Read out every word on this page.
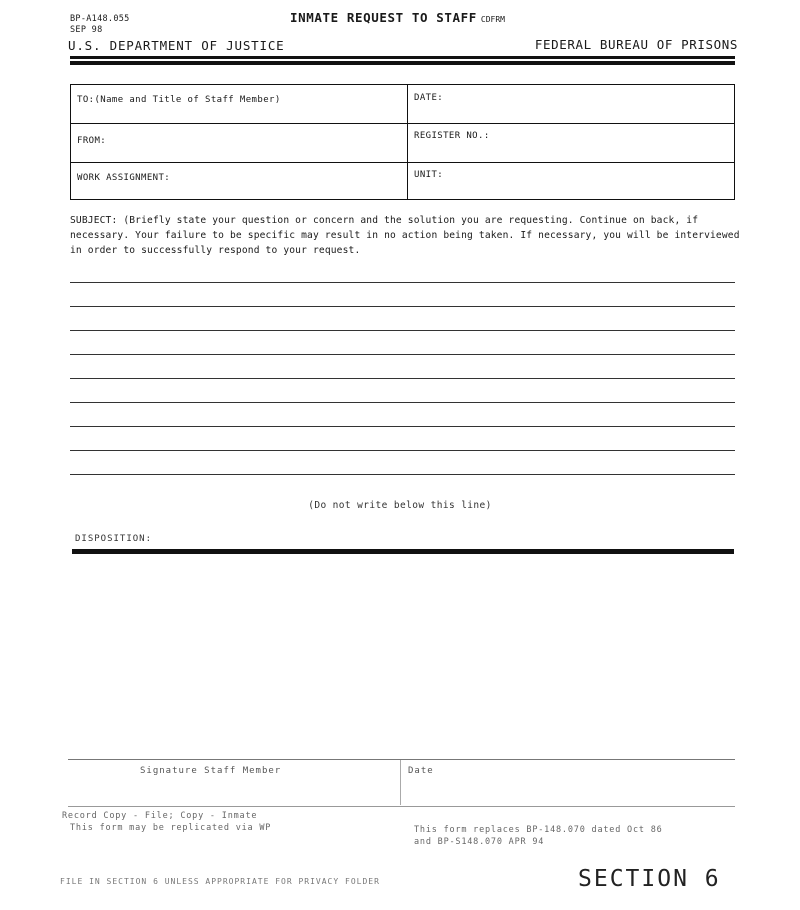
BP-A148.055
SEP 98
INMATE REQUEST TO STAFF CDFRM
U.S. DEPARTMENT OF JUSTICE	FEDERAL BUREAU OF PRISONS
TO:(Name and Title of Staff Member)	DATE:
FROM:	REGISTER NO.:
WORK ASSIGNMENT:	UNIT:
SUBJECT: (Briefly state your question or concern and the solution you are requesting. Continue on back, if necessary. Your failure to be specific may result in no action being taken. If necessary, you will be interviewed in order to successfully respond to your request.
(Do not write below this line)
DISPOSITION:
Signature Staff Member	Date
Record Copy - File; Copy - Inmate
This form may be replicated via WP	This form replaces BP-148.070 dated Oct 86
and BP-S148.070 APR 94
FILE IN SECTION 6 UNLESS APPROPRIATE FOR PRIVACY FOLDER	SECTION 6
